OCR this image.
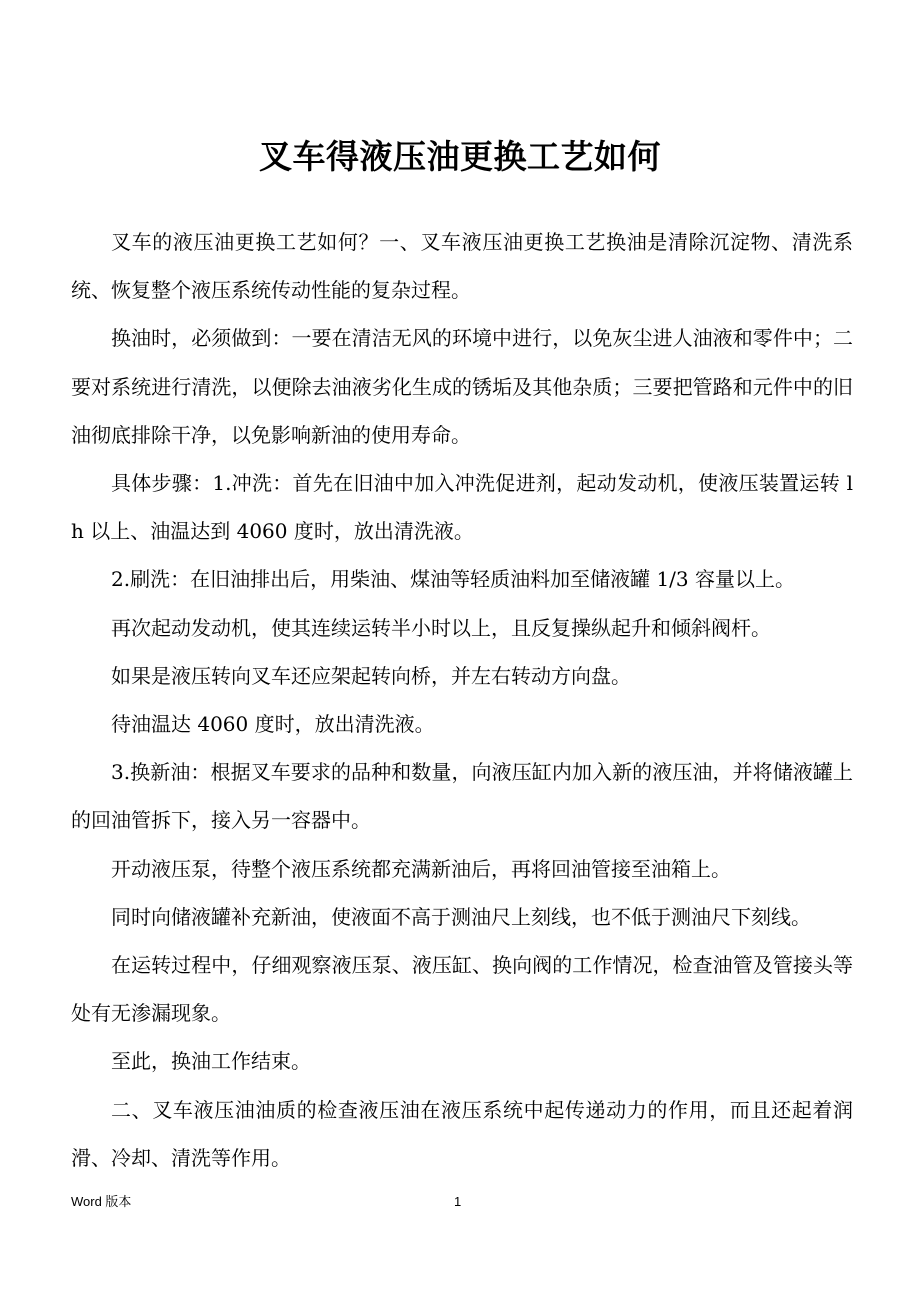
叉车得液压油更换工艺如何

叉车的液压油更换工艺如何？一、叉车液压油更换工艺换油是清除沉淀物、清洗系统、恢复整个液压系统传动性能的复杂过程。

换油时，必须做到：一要在清洁无风的环境中进行，以免灰尘进人油液和零件中；二要对系统进行清洗，以便除去油液劣化生成的锈垢及其他杂质；三要把管路和元件中的旧油彻底排除干净，以免影响新油的使用寿命。

具体步骤：1.冲洗：首先在旧油中加入冲洗促进剂，起动发动机，使液压装置运转 lh 以上、油温达到 4060 度时，放出清洗液。

2.刷洗：在旧油排出后，用柴油、煤油等轻质油料加至储液罐 1/3 容量以上。

再次起动发动机，使其连续运转半小时以上，且反复操纵起升和倾斜阀杆。

如果是液压转向叉车还应架起转向桥，并左右转动方向盘。

待油温达 4060 度时，放出清洗液。

3.换新油：根据叉车要求的品种和数量，向液压缸内加入新的液压油，并将储液罐上的回油管拆下，接入另一容器中。

开动液压泵，待整个液压系统都充满新油后，再将回油管接至油箱上。

同时向储液罐补充新油，使液面不高于测油尺上刻线，也不低于测油尺下刻线。

在运转过程中，仔细观察液压泵、液压缸、换向阀的工作情况，检查油管及管接头等处有无渗漏现象。

至此，换油工作结束。

二、叉车液压油油质的检查液压油在液压系统中起传递动力的作用，而且还起着润滑、冷却、清洗等作用。

Word 版本	1
